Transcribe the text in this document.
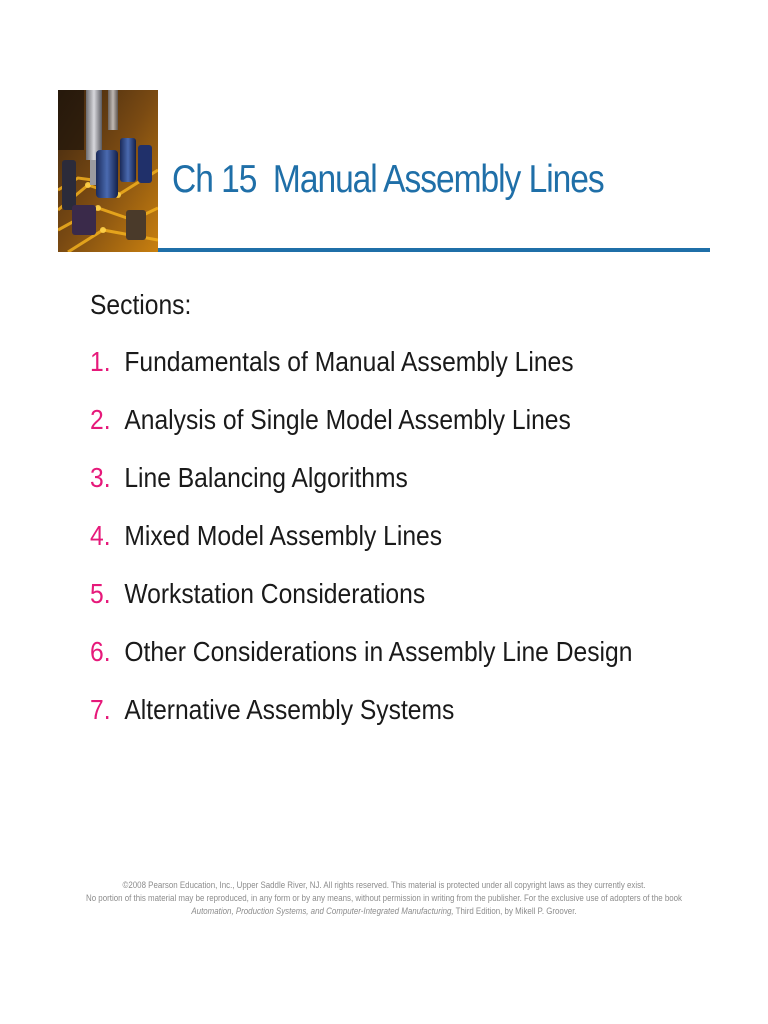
Ch 15  Manual Assembly Lines
Sections:
1. Fundamentals of Manual Assembly Lines
2. Analysis of Single Model Assembly Lines
3. Line Balancing Algorithms
4. Mixed Model Assembly Lines
5. Workstation Considerations
6. Other Considerations in Assembly Line Design
7. Alternative Assembly Systems
©2008 Pearson Education, Inc., Upper Saddle River, NJ. All rights reserved. This material is protected under all copyright laws as they currently exist.
No portion of this material may be reproduced, in any form or by any means, without permission in writing from the publisher. For the exclusive use of adopters of the book
Automation, Production Systems, and Computer-Integrated Manufacturing, Third Edition, by Mikell P. Groover.
